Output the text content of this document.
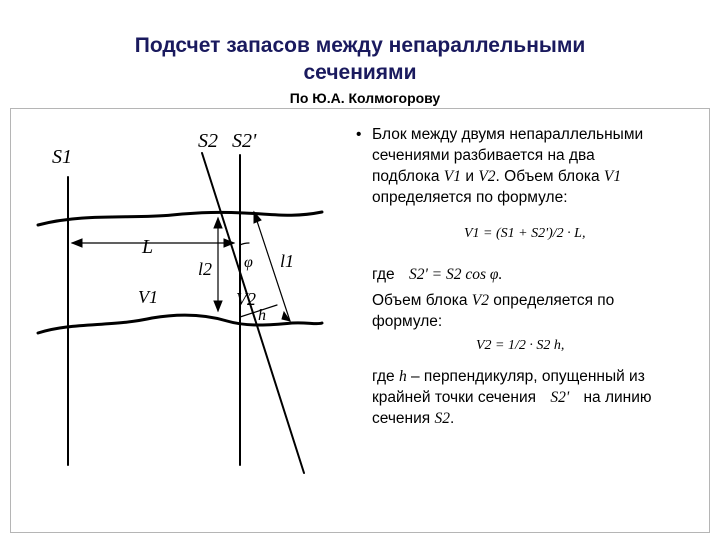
Подсчет запасов между непараллельными
сечениями
По Ю.А. Колмогорову
S1
S2 S2'
L
l2	l1
φ
V1	V2
h
• Блок между двумя непараллельными
сечениями разбивается на два
подблока V1 и V2. Объем блока V1
определяется по формуле:
V1 = (S1 + S2')/2 · L,
где S2' = S2 cos φ.
Объем блока V2 определяется по
формуле:
V2 = 1/2 · S2 h,
где h – перпендикуляр, опущенный из
крайней точки сечения S2' на линию
сечения S2.
